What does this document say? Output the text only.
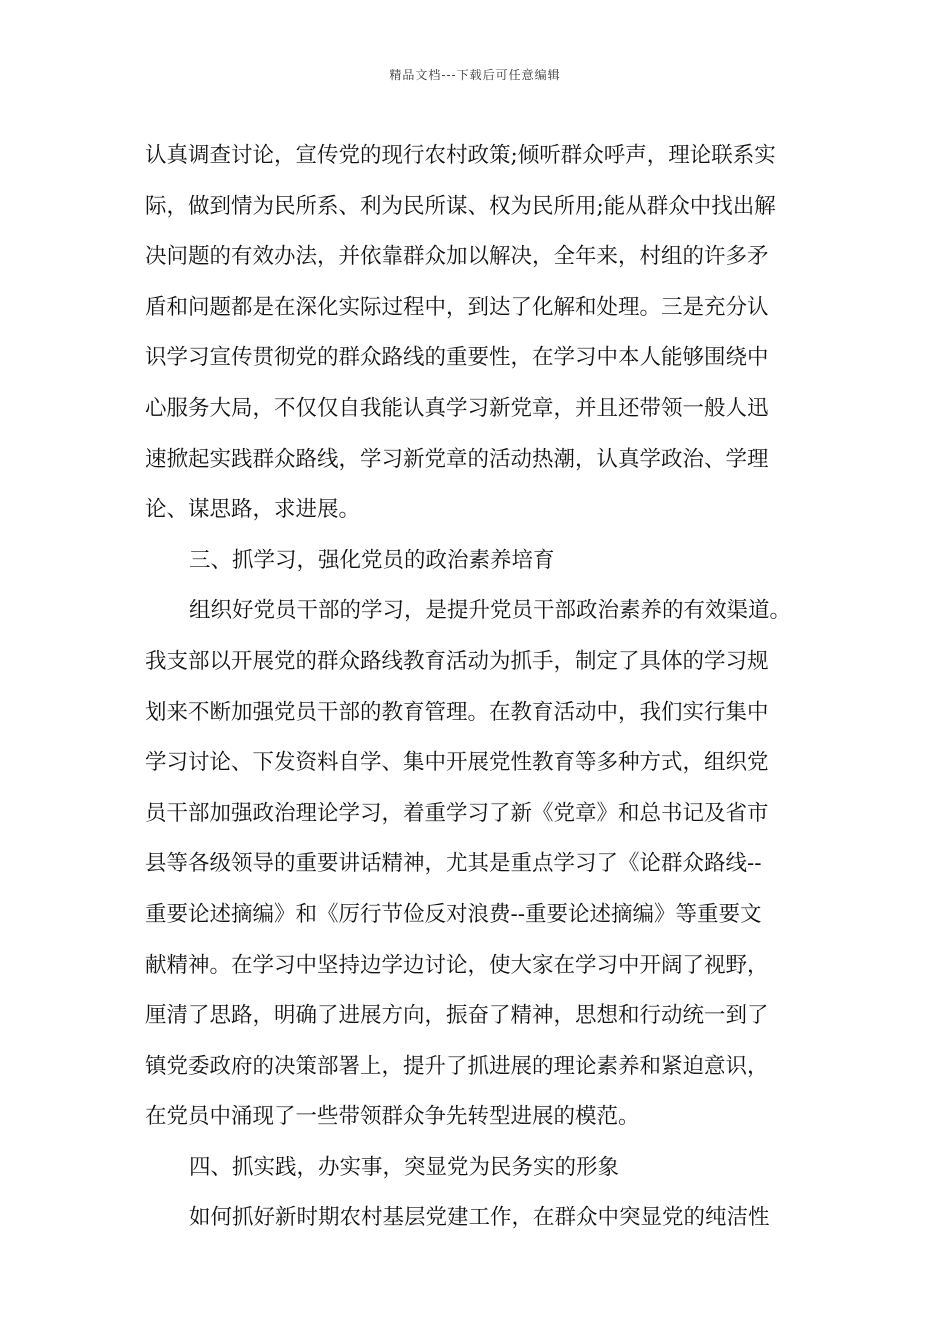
精品文档---下载后可任意编辑
认真调查讨论，宣传党的现行农村政策;倾听群众呼声，理论联系实
际，做到情为民所系、利为民所谋、权为民所用;能从群众中找出解
决问题的有效办法，并依靠群众加以解决，全年来，村组的许多矛
盾和问题都是在深化实际过程中，到达了化解和处理。三是充分认
识学习宣传贯彻党的群众路线的重要性，在学习中本人能够围绕中
心服务大局，不仅仅自我能认真学习新党章，并且还带领一般人迅
速掀起实践群众路线，学习新党章的活动热潮，认真学政治、学理
论、谋思路，求进展。
三、抓学习，强化党员的政治素养培育
组织好党员干部的学习，是提升党员干部政治素养的有效渠道。
我支部以开展党的群众路线教育活动为抓手，制定了具体的学习规
划来不断加强党员干部的教育管理。在教育活动中，我们实行集中
学习讨论、下发资料自学、集中开展党性教育等多种方式，组织党
员干部加强政治理论学习，着重学习了新《党章》和总书记及省市
县等各级领导的重要讲话精神，尤其是重点学习了《论群众路线--
重要论述摘编》和《厉行节俭反对浪费--重要论述摘编》等重要文
献精神。在学习中坚持边学边讨论，使大家在学习中开阔了视野，
厘清了思路，明确了进展方向，振奋了精神，思想和行动统一到了
镇党委政府的决策部署上，提升了抓进展的理论素养和紧迫意识，
在党员中涌现了一些带领群众争先转型进展的模范。
四、抓实践，办实事，突显党为民务实的形象
如何抓好新时期农村基层党建工作，在群众中突显党的纯洁性
